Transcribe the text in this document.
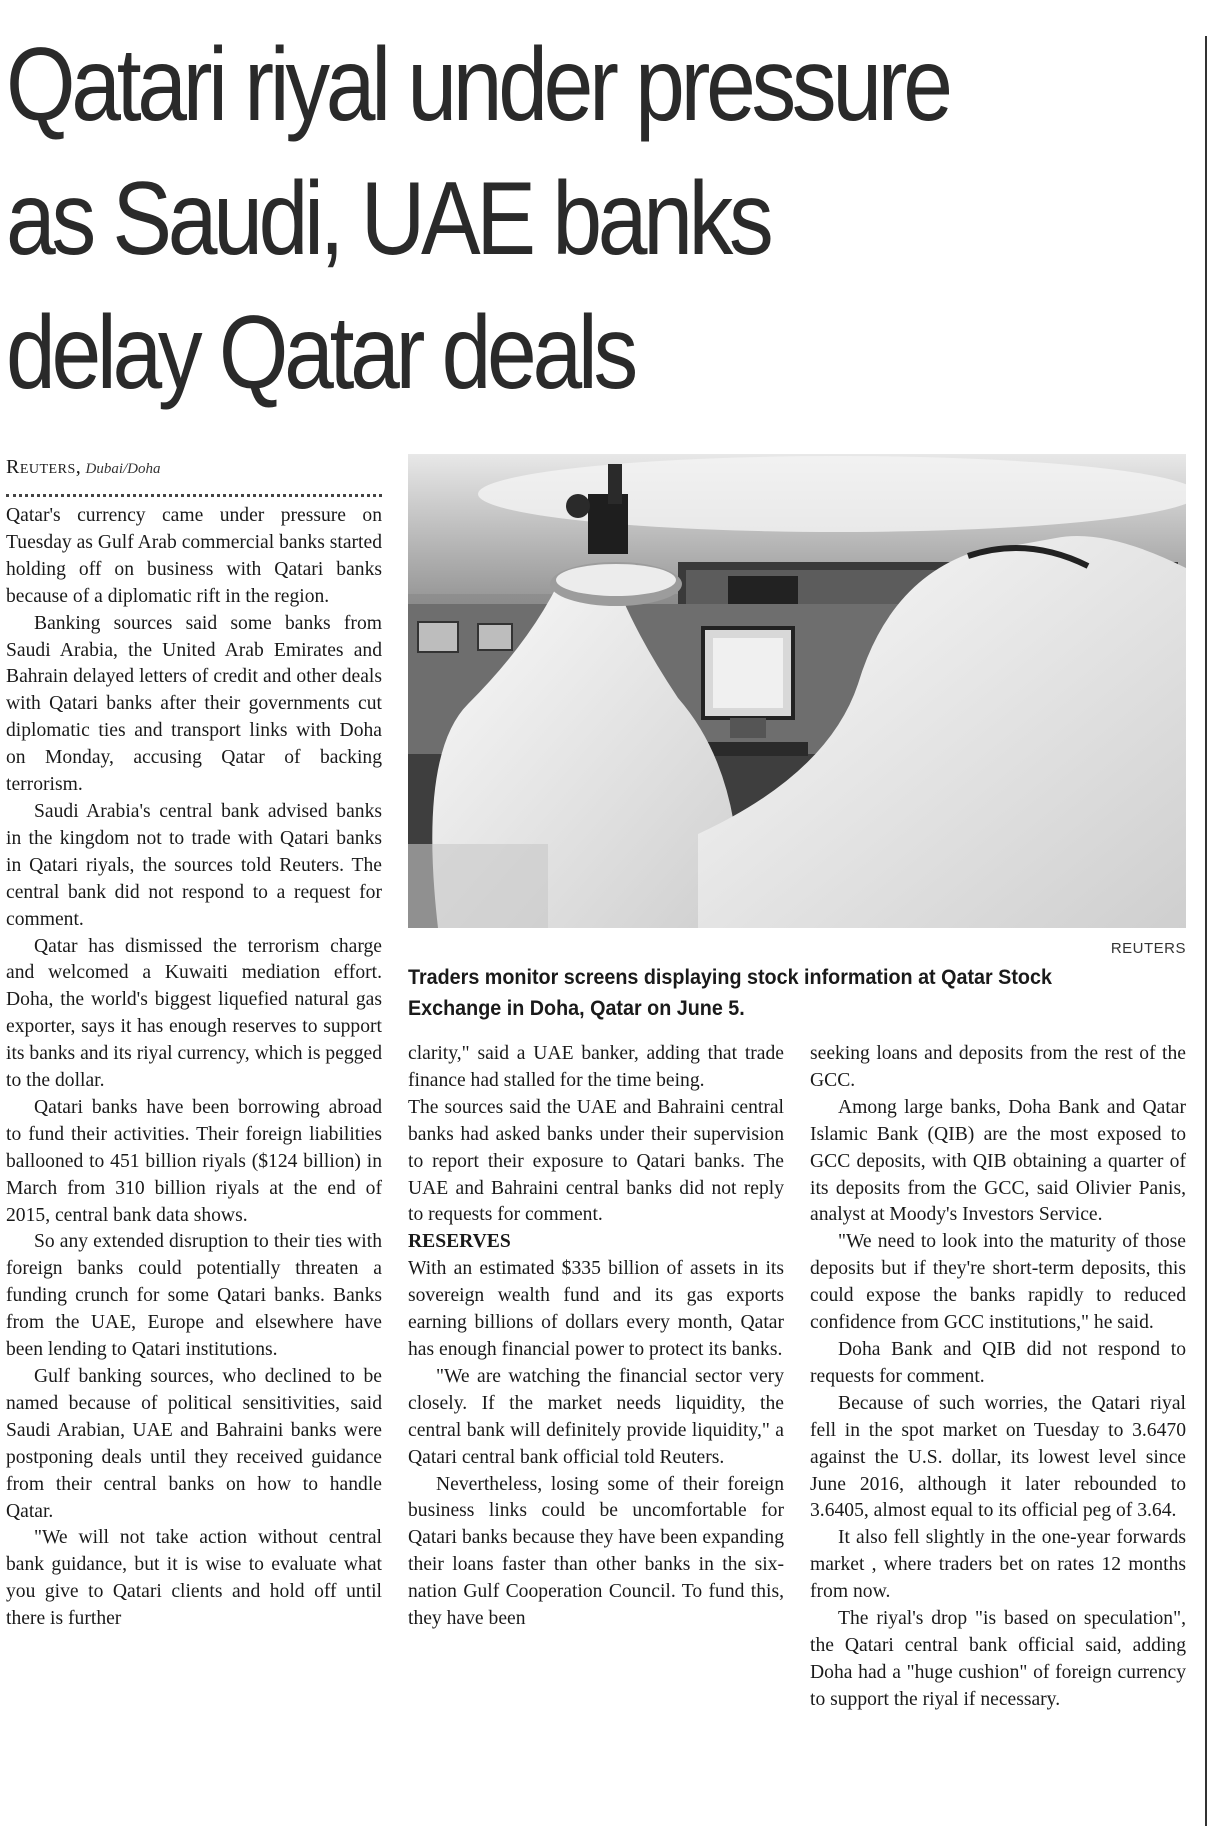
Qatari riyal under pressure
as Saudi, UAE banks
delay Qatar deals
Reuters, Dubai/Doha

Qatar's currency came under pressure on Tuesday as Gulf Arab commercial banks started holding off on business with Qatari banks because of a diplomatic rift in the region.

Banking sources said some banks from Saudi Arabia, the United Arab Emirates and Bahrain delayed letters of credit and other deals with Qatari banks after their governments cut diplomatic ties and transport links with Doha on Monday, accusing Qatar of backing terrorism.

Saudi Arabia's central bank advised banks in the kingdom not to trade with Qatari banks in Qatari riyals, the sources told Reuters. The central bank did not respond to a request for comment.

Qatar has dismissed the terrorism charge and welcomed a Kuwaiti mediation effort. Doha, the world's biggest liquefied natural gas exporter, says it has enough reserves to support its banks and its riyal currency, which is pegged to the dollar.

Qatari banks have been borrowing abroad to fund their activities. Their foreign liabilities ballooned to 451 billion riyals ($124 billion) in March from 310 billion riyals at the end of 2015, central bank data shows.

So any extended disruption to their ties with foreign banks could potentially threaten a funding crunch for some Qatari banks. Banks from the UAE, Europe and elsewhere have been lending to Qatari institutions.

Gulf banking sources, who declined to be named because of political sensitivities, said Saudi Arabian, UAE and Bahraini banks were postponing deals until they received guidance from their central banks on how to handle Qatar.

"We will not take action without central bank guidance, but it is wise to evaluate what you give to Qatari clients and hold off until there is further

REUTERS

Traders monitor screens displaying stock information at Qatar Stock Exchange in Doha, Qatar on June 5.

clarity," said a UAE banker, adding that trade finance had stalled for the time being.

The sources said the UAE and Bahraini central banks had asked banks under their supervision to report their exposure to Qatari banks. The UAE and Bahraini central banks did not reply to requests for comment.

RESERVES

With an estimated $335 billion of assets in its sovereign wealth fund and its gas exports earning billions of dollars every month, Qatar has enough financial power to protect its banks.

"We are watching the financial sector very closely. If the market needs liquidity, the central bank will definitely provide liquidity," a Qatari central bank official told Reuters.

Nevertheless, losing some of their foreign business links could be uncomfortable for Qatari banks because they have been expanding their loans faster than other banks in the six-nation Gulf Cooperation Council. To fund this, they have been

seeking loans and deposits from the rest of the GCC.

Among large banks, Doha Bank and Qatar Islamic Bank (QIB) are the most exposed to GCC deposits, with QIB obtaining a quarter of its deposits from the GCC, said Olivier Panis, analyst at Moody's Investors Service.

"We need to look into the maturity of those deposits but if they're short-term deposits, this could expose the banks rapidly to reduced confidence from GCC institutions," he said.

Doha Bank and QIB did not respond to requests for comment.

Because of such worries, the Qatari riyal fell in the spot market on Tuesday to 3.6470 against the U.S. dollar, its lowest level since June 2016, although it later rebounded to 3.6405, almost equal to its official peg of 3.64.

It also fell slightly in the one-year forwards market , where traders bet on rates 12 months from now.

The riyal's drop "is based on speculation", the Qatari central bank official said, adding Doha had a "huge cushion" of foreign currency to support the riyal if necessary.
